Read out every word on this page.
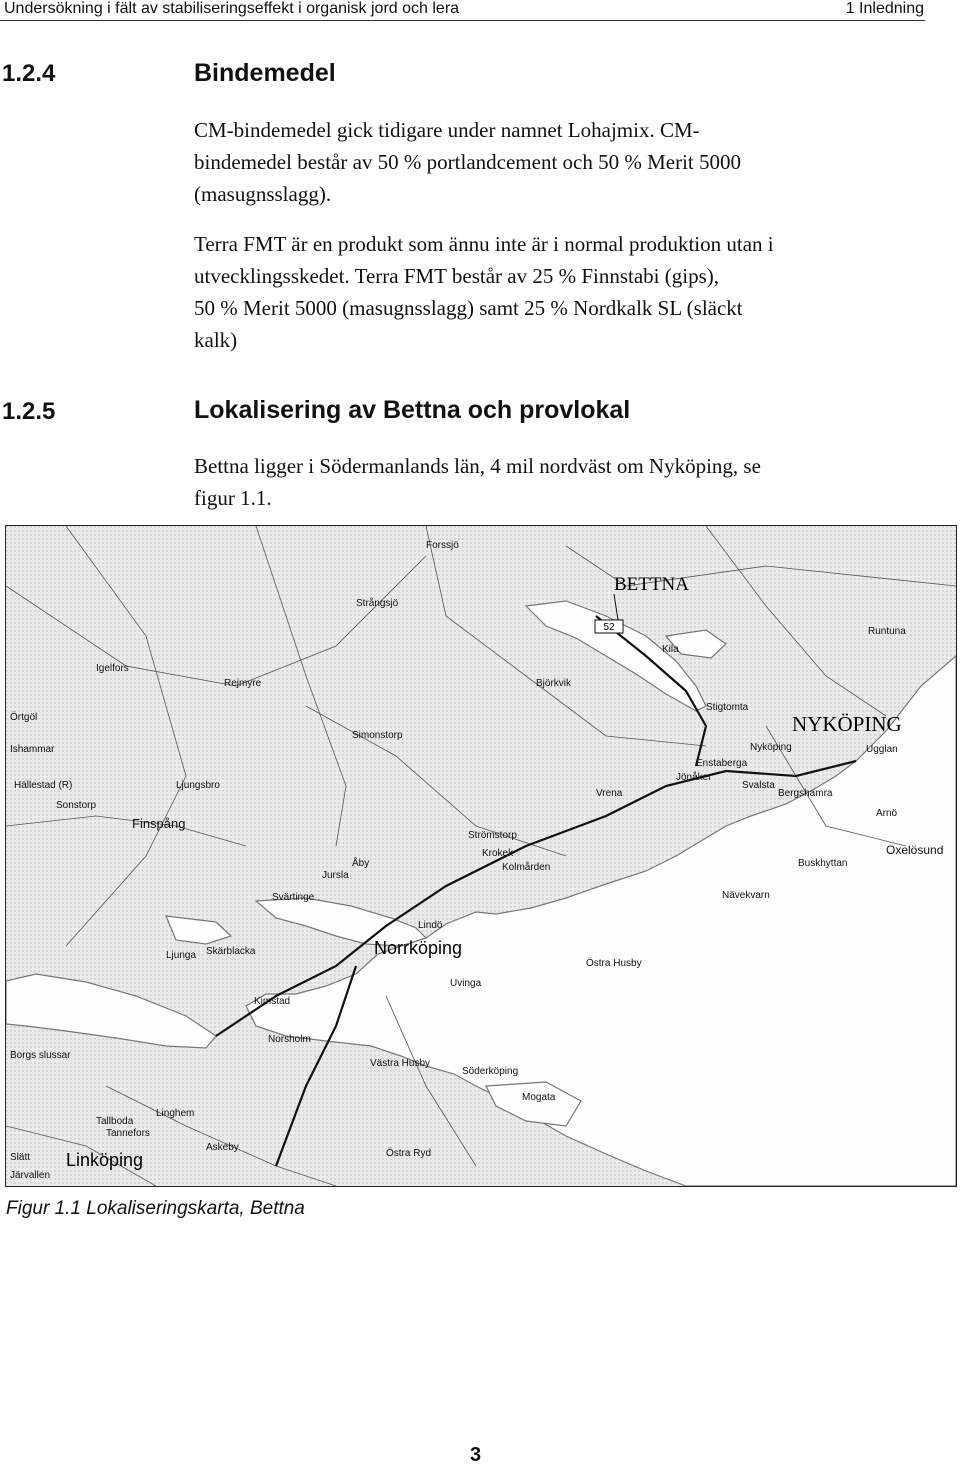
Undersökning i fält av stabiliseringseffekt i organisk jord och lera	1 Inledning
1.2.4	Bindemedel
CM-bindemedel gick tidigare under namnet Lohajmix. CM-
bindemedel består av 50 % portlandcement och 50 % Merit 5000
(masugnsslagg).
Terra FMT är en produkt som ännu inte är i normal produktion utan i
utvecklingsskedet. Terra FMT består av 25 % Finnstabi (gips),
50 % Merit 5000 (masugnsslagg) samt 25 % Nordkalk SL (släckt
kalk)
1.2.5	Lokalisering av Bettna och provlokal
Bettna ligger i Södermanlands län, 4 mil nordväst om Nyköping, se
figur 1.1.
52
BETTNA
NYKÖPING
Norrköping
Linköping
Forssjö
Strångsjö
Runtuna
Kila
Igelfors
Rejmyre	Björkvik
Stigtomta
Simonstorp
Örtgöl
Ishammar
Hällestad (R)
Sonstorp
Ljungsbro
Finspång
Nyköping	Ugglan
Enstaberga
Jönåker
Svalsta
Bergshamra
Vrena
Arnö
Oxelösund
Buskhyttan
Nävekvarn
Strömstorp
Krokek
Kolmården
Åby
Jursla
Svärtinge
Lindö
Östra Husby
Uvinga
Kimstad
Ljunga Skärblacka
Norsholm
Västra Husby
Söderköping
Mogata
Östra Ryd
Askeby
Borgs slussar
Tallboda
Linghem
Tannefors
Slätt
Järvallen
Figur 1.1 Lokaliseringskarta, Bettna
3
